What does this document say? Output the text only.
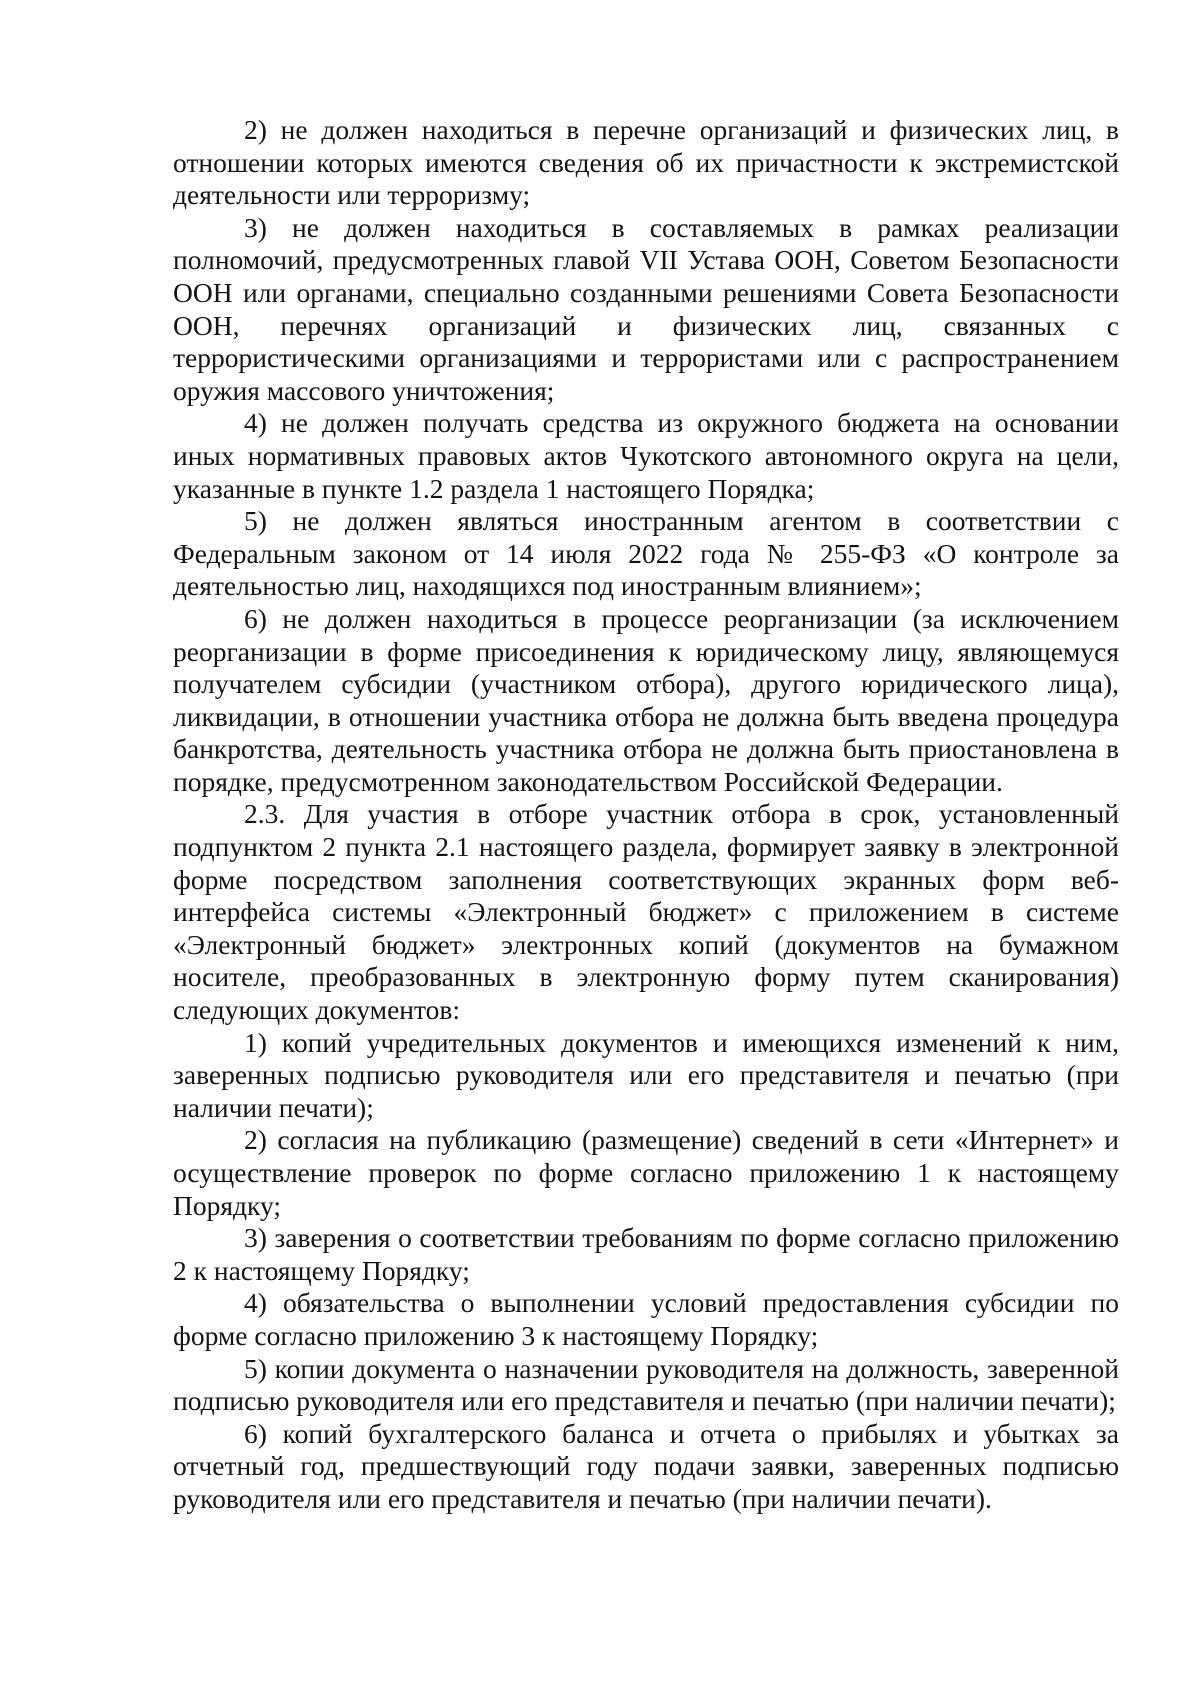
2) не должен находиться в перечне организаций и физических лиц, в отношении которых имеются сведения об их причастности к экстремистской деятельности или терроризму;

3) не должен находиться в составляемых в рамках реализации полномочий, предусмотренных главой VII Устава ООН, Советом Безопасности ООН или органами, специально созданными решениями Совета Безопасности ООН, перечнях организаций и физических лиц, связанных с террористическими организациями и террористами или с распространением оружия массового уничтожения;

4) не должен получать средства из окружного бюджета на основании иных нормативных правовых актов Чукотского автономного округа на цели, указанные в пункте 1.2 раздела 1 настоящего Порядка;

5) не должен являться иностранным агентом в соответствии с Федеральным законом от 14 июля 2022 года № 255-ФЗ «О контроле за деятельностью лиц, находящихся под иностранным влиянием»;

6) не должен находиться в процессе реорганизации (за исключением реорганизации в форме присоединения к юридическому лицу, являющемуся получателем субсидии (участником отбора), другого юридического лица), ликвидации, в отношении участника отбора не должна быть введена процедура банкротства, деятельность участника отбора не должна быть приостановлена в порядке, предусмотренном законодательством Российской Федерации.

2.3. Для участия в отборе участник отбора в срок, установленный подпунктом 2 пункта 2.1 настоящего раздела, формирует заявку в электронной форме посредством заполнения соответствующих экранных форм веб-интерфейса системы «Электронный бюджет» с приложением в системе «Электронный бюджет» электронных копий (документов на бумажном носителе, преобразованных в электронную форму путем сканирования) следующих документов:

1) копий учредительных документов и имеющихся изменений к ним, заверенных подписью руководителя или его представителя и печатью (при наличии печати);

2) согласия на публикацию (размещение) сведений в сети «Интернет» и осуществление проверок по форме согласно приложению 1 к настоящему Порядку;

3) заверения о соответствии требованиям по форме согласно приложению 2 к настоящему Порядку;

4) обязательства о выполнении условий предоставления субсидии по форме согласно приложению 3 к настоящему Порядку;

5) копии документа о назначении руководителя на должность, заверенной подписью руководителя или его представителя и печатью (при наличии печати);

6) копий бухгалтерского баланса и отчета о прибылях и убытках за отчетный год, предшествующий году подачи заявки, заверенных подписью руководителя или его представителя и печатью (при наличии печати).
